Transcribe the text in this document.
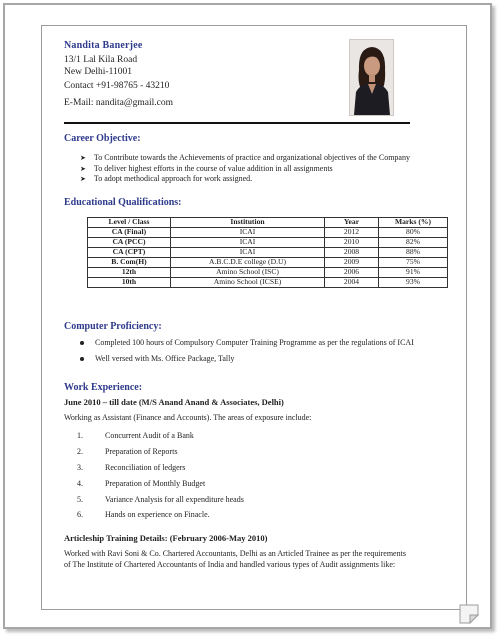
Nandita Banerjee
13/1 Lal Kila Road
New Delhi-11001
Contact +91-98765 - 43210
E-Mail: nandita@gmail.com
Career Objective:
➤ To Contribute towards the Achievements of practice and organizational objectives of the Company
➤ To deliver highest efforts in the course of value addition in all assignments
➤ To adopt methodical approach for work assigned.
Educational Qualifications:
Level / Class	Institution	Year	Marks (%)
CA (Final)	ICAI	2012	80%
CA (PCC)	ICAI	2010	82%
CA (CPT)	ICAI	2008	88%
B. Com(H)	A.B.C.D.E college (D.U)	2009	75%
12th	Amino School (ISC)	2006	91%
10th	Amino School (ICSE)	2004	93%
Computer Proficiency:
Completed 100 hours of Compulsory Computer Training Programme as per the regulations of ICAI
Well versed with Ms. Office Package, Tally
Work Experience:
June 2010 – till date (M/S Anand Anand & Associates, Delhi)
Working as Assistant (Finance and Accounts). The areas of exposure include:
1.	Concurrent Audit of a Bank
2.	Preparation of Reports
3.	Reconciliation of ledgers
4.	Preparation of Monthly Budget
5.	Variance Analysis for all expenditure heads
6.	Hands on experience on Finacle.
Articleship Training Details: (February 2006-May 2010)
Worked with Ravi Soni & Co. Chartered Accountants, Delhi as an Articled Trainee as per the requirements
of The Institute of Chartered Accountants of India and handled various types of Audit assignments like:
